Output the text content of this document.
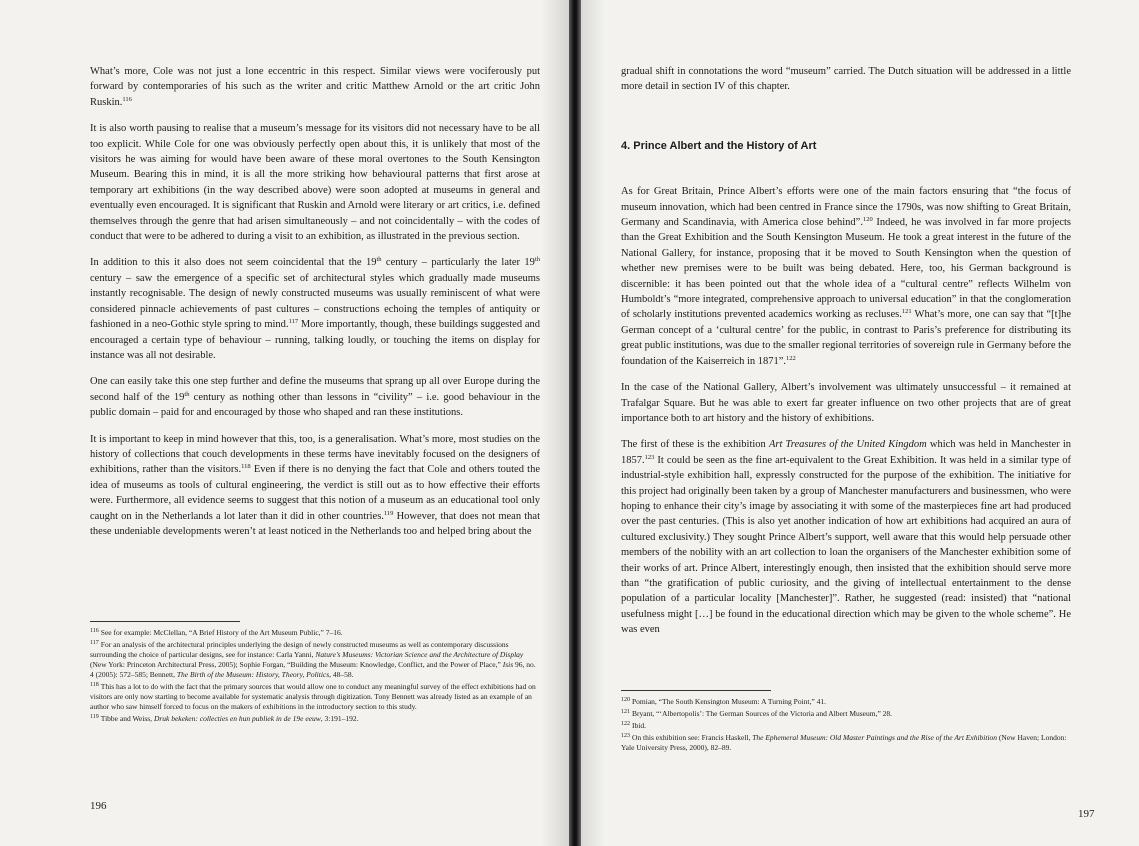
What’s more, Cole was not just a lone eccentric in this respect. Similar views were vociferously put forward by contemporaries of his such as the writer and critic Matthew Arnold or the art critic John Ruskin.$^{116}$

It is also worth pausing to realise that a museum’s message for its visitors did not necessary have to be all too explicit. While Cole for one was obviously perfectly open about this, it is unlikely that most of the visitors he was aiming for would have been aware of these moral overtones to the South Kensington Museum. Bearing this in mind, it is all the more striking how behavioural patterns that first arose at temporary art exhibitions (in the way described above) were soon adopted at museums in general and eventually even encouraged. It is significant that Ruskin and Arnold were literary or art critics, i.e. defined themselves through the genre that had arisen simultaneously – and not coincidentally – with the codes of conduct that were to be adhered to during a visit to an exhibition, as illustrated in the previous section.

In addition to this it also does not seem coincidental that the 19th century – particularly the later 19th century – saw the emergence of a specific set of architectural styles which gradually made museums instantly recognisable. The design of newly constructed museums was usually reminiscent of what were considered pinnacle achievements of past cultures – constructions echoing the temples of antiquity or fashioned in a neo-Gothic style spring to mind.$^{117}$ More importantly, though, these buildings suggested and encouraged a certain type of behaviour – running, talking loudly, or touching the items on display for instance was all not desirable.

One can easily take this one step further and define the museums that sprang up all over Europe during the second half of the 19th century as nothing other than lessons in “civility” – i.e. good behaviour in the public domain – paid for and encouraged by those who shaped and ran these institutions.

It is important to keep in mind however that this, too, is a generalisation. What’s more, most studies on the history of collections that couch developments in these terms have inevitably focused on the designers of exhibitions, rather than the visitors.$^{118}$ Even if there is no denying the fact that Cole and others touted the idea of museums as tools of cultural engineering, the verdict is still out as to how effective their efforts were. Furthermore, all evidence seems to suggest that this notion of a museum as an educational tool only caught on in the Netherlands a lot later than it did in other countries.$^{119}$ However, that does not mean that these undeniable developments weren’t at least noticed in the Netherlands too and helped bring about the

$^{116}$ See for example: McClellan, “A Brief History of the Art Museum Public,” 7–16.

$^{117}$ For an analysis of the architectural principles underlying the design of newly constructed museums as well as contemporary discussions surrounding the choice of particular designs, see for instance: Carla Yanni, Nature’s Museums: Victorian Science and the Architecture of Display (New York: Princeton Architectural Press, 2005); Sophie Forgan, “Building the Museum: Knowledge, Conflict, and the Power of Place,” Isis 96, no. 4 (2005): 572–585; Bennett, The Birth of the Museum: History, Theory, Politics, 48–58.

$^{118}$ This has a lot to do with the fact that the primary sources that would allow one to conduct any meaningful survey of the effect exhibitions had on visitors are only now starting to become available for systematic analysis through digitization. Tony Bennett was already listed as an example of an author who saw himself forced to focus on the makers of exhibitions in the introductory section to this study.

$^{119}$ Tibbe and Weiss, Druk bekeken: collecties en hun publiek in de 19e eeuw, 3:191–192.

196

gradual shift in connotations the word “museum” carried. The Dutch situation will be addressed in a little more detail in section IV of this chapter.

4. Prince Albert and the History of Art

As for Great Britain, Prince Albert’s efforts were one of the main factors ensuring that “the focus of museum innovation, which had been centred in France since the 1790s, was now shifting to Great Britain, Germany and Scandinavia, with America close behind”.$^{120}$ Indeed, he was involved in far more projects than the Great Exhibition and the South Kensington Museum. He took a great interest in the future of the National Gallery, for instance, proposing that it be moved to South Kensington when the question of whether new premises were to be built was being debated. Here, too, his German background is discernible: it has been pointed out that the whole idea of a “cultural centre” reflects Wilhelm von Humboldt’s “more integrated, comprehensive approach to universal education” in that the conglomeration of scholarly institutions prevented academics working as recluses.$^{121}$ What’s more, one can say that “[t]he German concept of a ‘cultural centre’ for the public, in contrast to Paris’s preference for distributing its great public institutions, was due to the smaller regional territories of sovereign rule in Germany before the foundation of the Kaiserreich in 1871”.$^{122}$

In the case of the National Gallery, Albert’s involvement was ultimately unsuccessful – it remained at Trafalgar Square. But he was able to exert far greater influence on two other projects that are of great importance both to art history and the history of exhibitions.

The first of these is the exhibition Art Treasures of the United Kingdom which was held in Manchester in 1857.$^{123}$ It could be seen as the fine art-equivalent to the Great Exhibition. It was held in a similar type of industrial-style exhibition hall, expressly constructed for the purpose of the exhibition. The initiative for this project had originally been taken by a group of Manchester manufacturers and businessmen, who were hoping to enhance their city’s image by associating it with some of the masterpieces fine art had produced over the past centuries. (This is also yet another indication of how art exhibitions had acquired an aura of cultured exclusivity.) They sought Prince Albert’s support, well aware that this would help persuade other members of the nobility with an art collection to loan the organisers of the Manchester exhibition some of their works of art. Prince Albert, interestingly enough, then insisted that the exhibition should serve more than “the gratification of public curiosity, and the giving of intellectual entertainment to the dense population of a particular locality [Manchester]”. Rather, he suggested (read: insisted) that “national usefulness might […] be found in the educational direction which may be given to the whole scheme”. He was even

$^{120}$ Pomian, “The South Kensington Museum: A Turning Point,” 41.

$^{121}$ Bryant, “‘Albertopolis’: The German Sources of the Victoria and Albert Museum,” 28.

$^{122}$ Ibid.

$^{123}$ On this exhibition see: Francis Haskell, The Ephemeral Museum: Old Master Paintings and the Rise of the Art Exhibition (New Haven; London: Yale University Press, 2000), 82–89.

197
